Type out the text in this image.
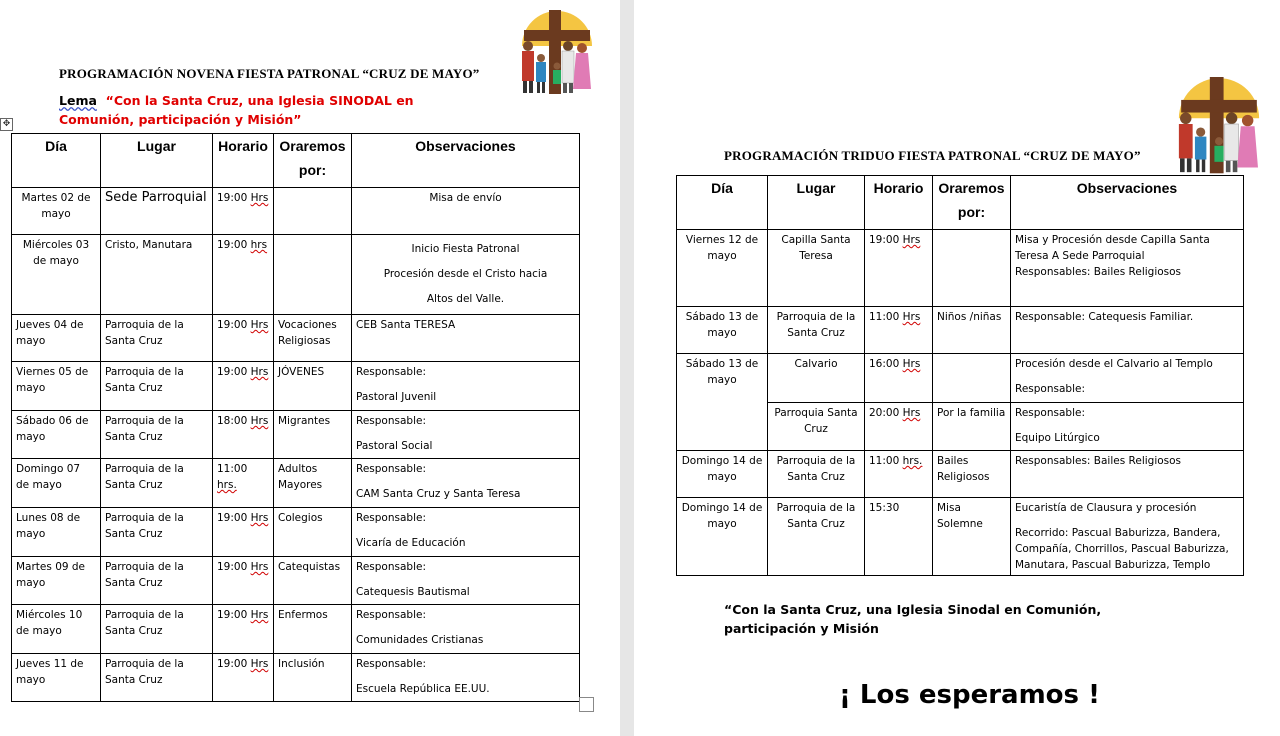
PROGRAMACIÓN NOVENA FIESTA PATRONAL “CRUZ DE MAYO”
Lema “Con la Santa Cruz, una Iglesia SINODAL en Comunión, participación y Misión”
✥
Día	Lugar	Horario	Oraremos por:	Observaciones
Martes 02 de mayo	Sede Parroquial	19:00 Hrs		Misa de envío

Miércoles 03 de mayo	Cristo, Manutara	19:00 hrs		Inicio Fiesta Patronal

Procesión desde el Cristo hacia

Altos del Valle.

Jueves 04 de mayo	Parroquia de la Santa Cruz	19:00 Hrs	Vocaciones Religiosas	CEB Santa TERESA

Viernes 05 de mayo	Parroquia de la Santa Cruz	19:00 Hrs	JÓVENES	Responsable:

Pastoral Juvenil

Sábado 06 de mayo	Parroquia de la Santa Cruz	18:00 Hrs	Migrantes	Responsable:

Pastoral Social

Domingo 07 de mayo	Parroquia de la Santa Cruz	11:00 hrs.	Adultos Mayores	Responsable:

CAM Santa Cruz y Santa Teresa

Lunes 08 de mayo	Parroquia de la Santa Cruz	19:00 Hrs	Colegios	Responsable:

Vicaría de Educación

Martes 09 de mayo	Parroquia de la Santa Cruz	19:00 Hrs	Catequistas	Responsable:

Catequesis Bautismal

Miércoles 10 de mayo	Parroquia de la Santa Cruz	19:00 Hrs	Enfermos	Responsable:

Comunidades Cristianas

Jueves 11 de mayo	Parroquia de la Santa Cruz	19:00 Hrs	Inclusión	Responsable:

Escuela República EE.UU.

PROGRAMACIÓN TRIDUO FIESTA PATRONAL “CRUZ DE MAYO”
Día	Lugar	Horario	Oraremos por:	Observaciones
Viernes 12 de mayo	Capilla Santa Teresa	19:00 Hrs		Misa y Procesión desde Capilla Santa Teresa A Sede Parroquial

Responsables: Bailes Religiosos

Sábado 13 de mayo	Parroquia de la Santa Cruz	11:00 Hrs	Niños /niñas	Responsable: Catequesis Familiar.

Sábado 13 de mayo	Calvario	16:00 Hrs		Procesión desde el Calvario al Templo

Responsable:

	Parroquia Santa Cruz	20:00 Hrs	Por la familia	Responsable:

Equipo Litúrgico

Domingo 14 de mayo	Parroquia de la Santa Cruz	11:00 hrs.	Bailes Religiosos	Responsables: Bailes Religiosos

Domingo 14 de mayo	Parroquia de la Santa Cruz	15:30	Misa Solemne	Eucaristía de Clausura y procesión

Recorrido: Pascual Baburizza, Bandera, Compañía, Chorrillos, Pascual Baburizza, Manutara, Pascual Baburizza, Templo

“Con la Santa Cruz, una Iglesia Sinodal en Comunión, participación y Misión
¡ Los esperamos !
